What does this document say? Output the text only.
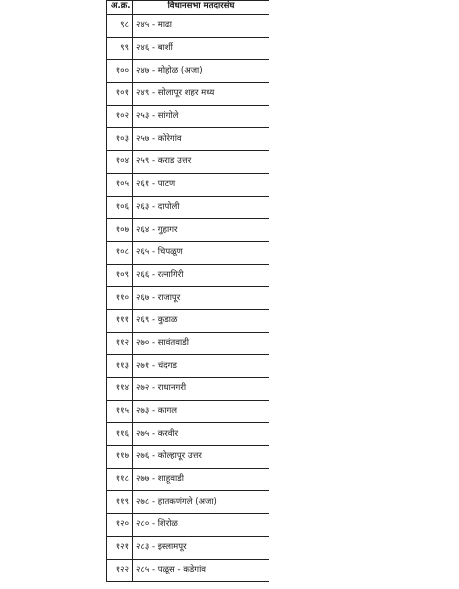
अ.क्र.	विधानसभा मतदारसंघ
९८	२४५ - माढा
९९	२४६ - बार्शी
१००	२४७ - मोहोळ (अजा)
१०१	२४९ - सोलापूर शहर मध्य
१०२	२५३ - सांगोले
१०३	२५७ - कोरेगांव
१०४	२५९ - कराड उत्तर
१०५	२६१ - पाटण
१०६	२६३ - दापोली
१०७	२६४ - गुहागर
१०८	२६५ - चिपळूण
१०९	२६६ - रत्नागिरी
११०	२६७ - राजापूर
१११	२६९ - कुडाळ
११२	२७० - सावंतवाडी
११३	२७१ - चंदगड
११४	२७२ - राधानगरी
११५	२७३ - कागल
११६	२७५ - करवीर
११७	२७६ - कोल्हापूर उत्तर
११८	२७७ - शाहूवाडी
११९	२७८ - हातकणंगले (अजा)
१२०	२८० - शिरोळ
१२१	२८३ - इस्लामपूर
१२२	२८५ - पळूस - कडेगांव
